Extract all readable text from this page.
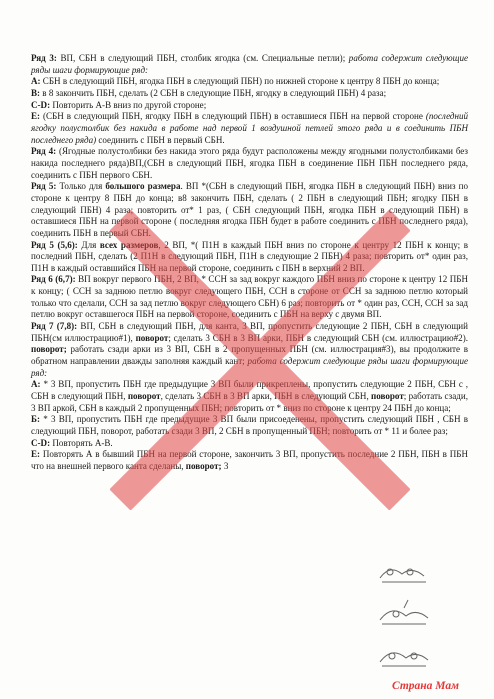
Ряд 3: ВП, СБН в следующий ПБН, столбик ягодка (см. Специальные петли); работа содержит следующие ряды шаги формирующие ряд:

А: СБН в следующий ПБН, ягодка ПБН в следующий ПБН) по нижней стороне к центру 8 ПБН до конца;

В: в 8 закончить ПБН, сделать (2 СБН в следующие ПБН, ягодку в следующий ПБН) 4 раза;

С-D: Повторить А-В вниз по другой стороне;

Е: (СБН в следующий ПБН, ягодку ПБН в следующий ПБН) в оставшиеся ПБН на первой стороне (последний ягодку полустолбик без накида в работе над первой 1 воздушной петлей этого ряда и в соединить ПБН последнего ряда) соединить с ПБН в первый СБН.

Ряд 4: (Ягодные полустолбики без накида этого ряда будут расположены между ягодными полустолбиками без накида последнего ряда)ВП,(СБН в следующий ПБН, ягодка ПБН в соединение ПБН ПБН последнего ряда, соединить с ПБН первого СБН.

Ряд 5: Только для большого размера. ВП *(СБН в следующий ПБН, ягодка ПБН в следующий ПБН) вниз по стороне к центру 8 ПБН до конца; в8 закончить ПБН, сделать ( 2 ПБН в следующий ПБН; ягодку ПБН в следующий ПБН) 4 раза; повторить от* 1 раз, ( СБН следующий ПБН, ягодка ПБН в следующий ПБН) в оставшиеся ПБН на первой стороне ( последняя ягодка ПБН будет в работе соединить с ПБН последнего ряда), соединить ПБН в первый СБН.

Ряд 5 (5,6): Для всех размеров, 2 ВП, *( П1Н в каждый ПБН вниз по стороне к центру 12 ПБН к концу; в последний ПБН, сделать (2 П1Н в следующий ПБН, П1Н в следующие 2 ПБН) 4 раза; повторить от* один раз, П1Н в каждый оставшийся ПБН на первой стороне, соединить с ПБН в верхний 2 ВП.

Ряд 6 (6,7): ВП вокруг первого ПБН, 2 ВП, * ССН за зад вокруг каждого ПБН вниз по стороне к центру 12 ПБН к концу; ( ССН за заднюю петлю вокруг следующего ПБН, ССН в стороне от ССН за заднюю петлю который только что сделали, ССН за зад петлю вокруг следующего СБН) 6 раз; повторить от * один раз, ССН, ССН за зад петлю вокруг оставшегося ПБН на первой стороне, соединить с ПБН на верху с двумя ВП.

Ряд 7 (7,8): ВП, СБН в следующий ПБН, для канта, 3 ВП, пропустить следующие 2 ПБН, СБН в следующий ПБН(см иллюстрацию#1), поворот; сделать 3 СБН в 3 ВП арки, ПБН в следующий СБН (см. иллюстрацию#2). поворот; работать сзади арки из 3 ВП, СБН в 2 пропущенных ПБН (см. иллюстрация#3), вы продолжите в обратном направлении дважды заполняя каждый кант; работа содержит следующие ряды шаги формирующие ряд:

А: * 3 ВП, пропустить ПБН где предыдущие 3 ВП были прикреплены, пропустить следующие 2 ПБН, СБН с , СБН в следующий ПБН, поворот, сделать 3 СБН в 3 ВП арки, ПБН в следующий СБН, поворот; работать сзади, 3 ВП аркой, СБН в каждый 2 пропущенных ПБН; повторить от * вниз по стороне к центру 24 ПБН до конца;

Б: * 3 ВП, пропустить ПБН где предыдущие 3 ВП были присоеденены, пропустить следующий ПБН , СБН в следующий ПБН, поворот, работать сзади 3 ВП, 2 СБН в пропущенный ПБН; повторить от * 11 и более раз;

С-D: Повторять А-В.

Е: Повторять А в бывший ПБН на первой стороне, закончить 3 ВП, пропустить последние 2 ПБН, ПБН в ПБН что на внешней первого канта сделаны, поворот; 3

Страна Мам
